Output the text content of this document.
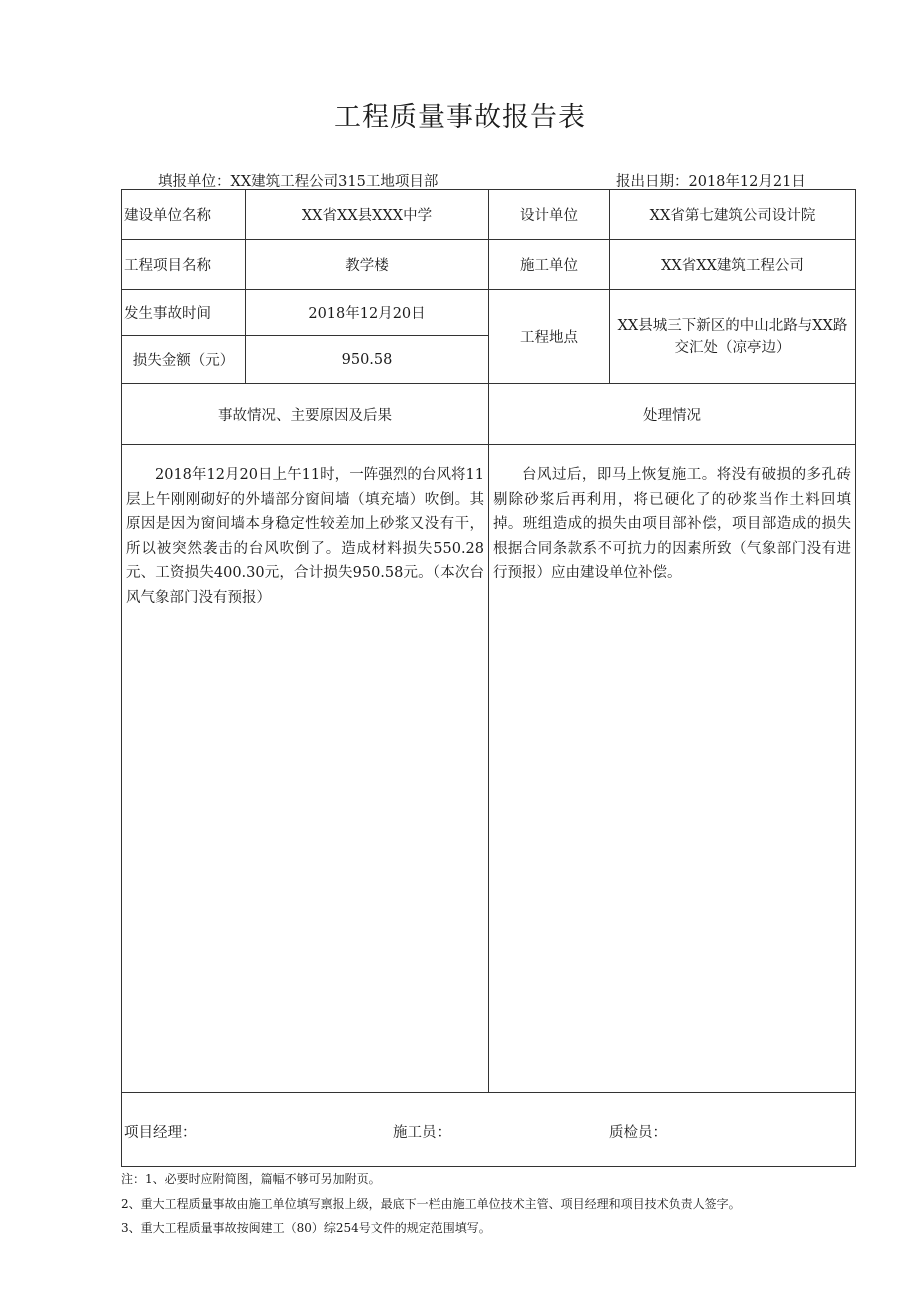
工程质量事故报告表
填报单位：XX建筑工程公司315工地项目部	报出日期：2018年12月21日
建设单位名称	XX省XX县XXX中学	设计单位	XX省第七建筑公司设计院
工程项目名称	教学楼	施工单位	XX省XX建筑工程公司
发生事故时间	2018年12月20日	工程地点	XX县城三下新区的中山北路与XX路交汇处（凉亭边）
损失金额（元）	950.58		
事故情况、主要原因及后果		处理情况	

2018年12月20日上午11时，一阵强烈的台风将11层上午刚刚砌好的外墙部分窗间墙（填充墙）吹倒。其原因是因为窗间墙本身稳定性较差加上砂浆又没有干，所以被突然袭击的台风吹倒了。造成材料损失550.28元、工资损失400.30元，合计损失950.58元。（本次台风气象部门没有预报）		台风过后，即马上恢复施工。将没有破损的多孔砖剔除砂浆后再利用，将已硬化了的砂浆当作土料回填掉。班组造成的损失由项目部补偿，项目部造成的损失根据合同条款系不可抗力的因素所致（气象部门没有进行预报）应由建设单位补偿。	

项目经理： 施工员： 质检员：			
注：1、必要时应附简图，篇幅不够可另加附页。
2、重大工程质量事故由施工单位填写禀报上级，最底下一栏由施工单位技术主管、项目经理和项目技术负责人签字。
3、重大工程质量事故按闽建工（80）综254号文件的规定范围填写。
